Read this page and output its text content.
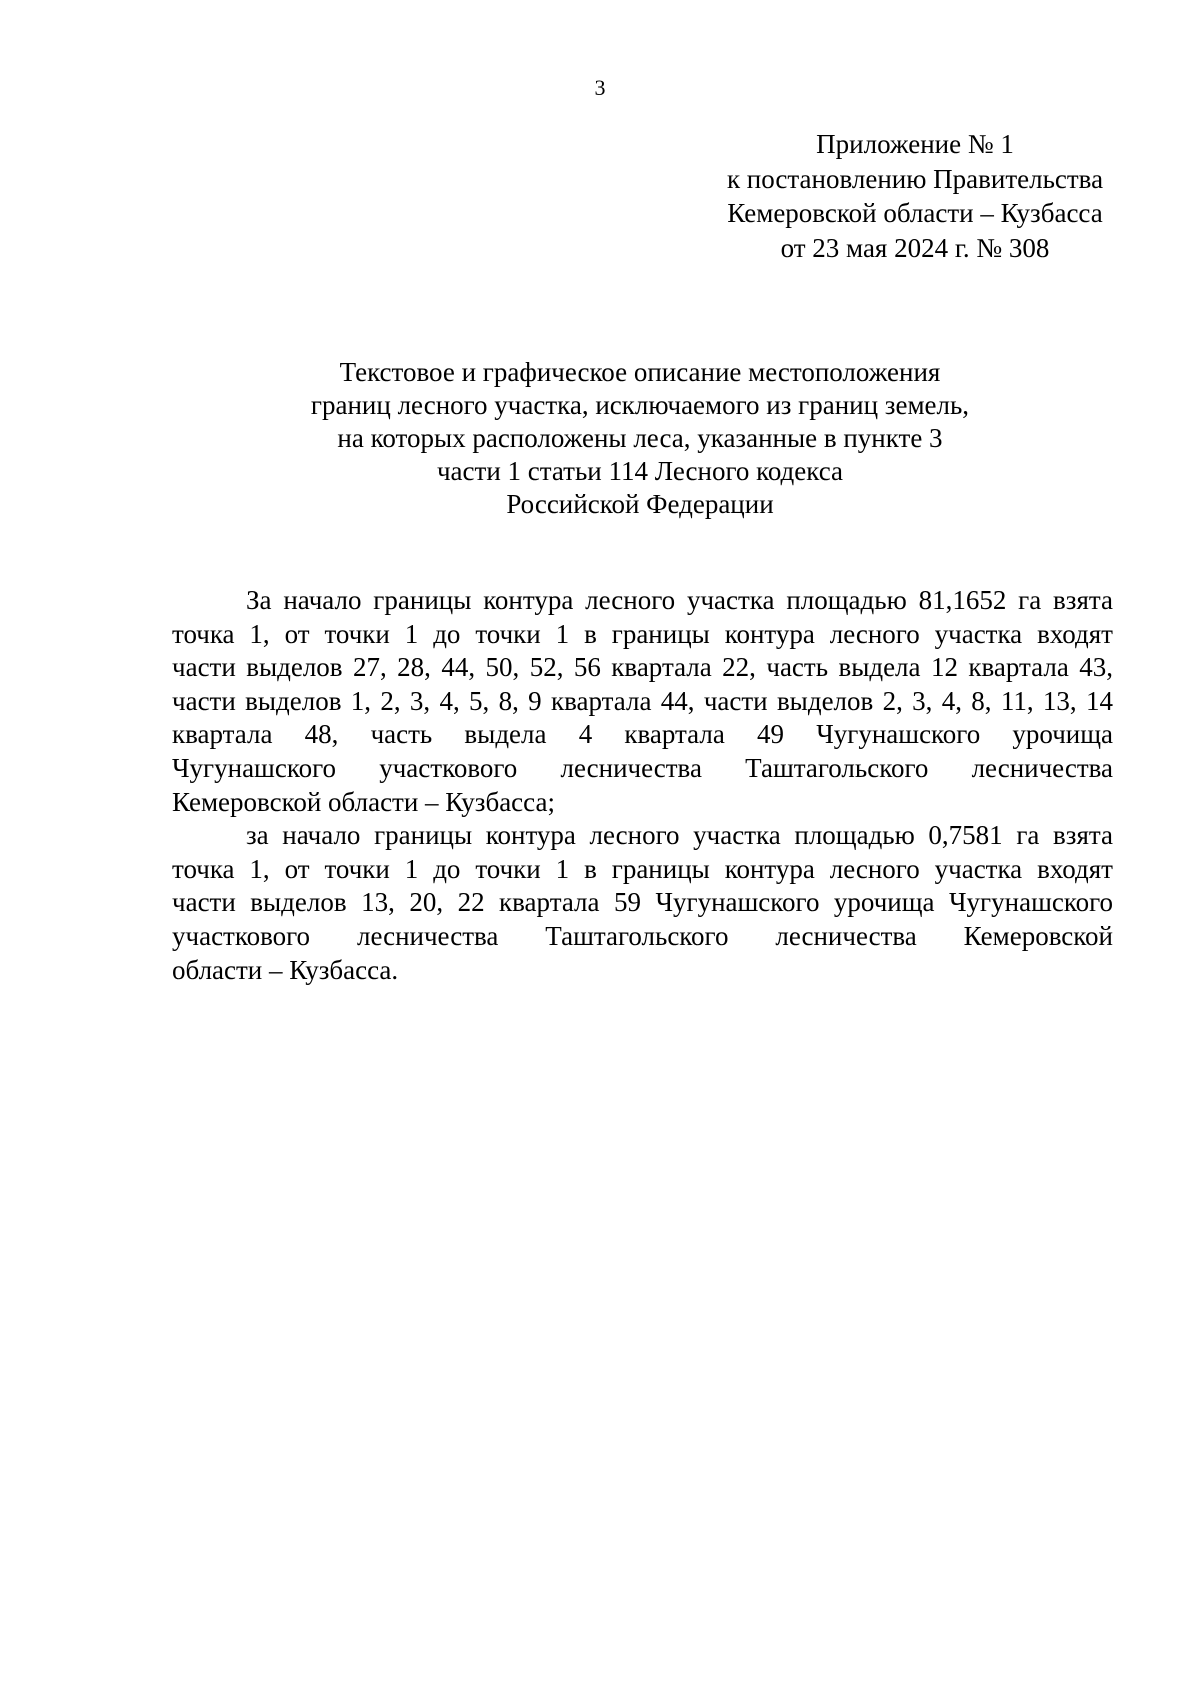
3
Приложение № 1
к постановлению Правительства
Кемеровской области – Кузбасса
от 23 мая 2024 г. № 308
Текстовое и графическое описание местоположения
границ лесного участка, исключаемого из границ земель,
на которых расположены леса, указанные в пункте 3
части 1 статьи 114 Лесного кодекса
Российской Федерации

За начало границы контура лесного участка площадью 81,1652 га взята
точка 1, от точки 1 до точки 1 в границы контура лесного участка входят
части выделов 27, 28, 44, 50, 52, 56 квартала 22, часть выдела 12 квартала 43,
части выделов 1, 2, 3, 4, 5, 8, 9 квартала 44, части выделов 2, 3, 4, 8, 11, 13, 14
квартала 48, часть выдела 4 квартала 49 Чугунашского урочища
Чугунашского участкового лесничества Таштагольского лесничества
Кемеровской области – Кузбасса;

за начало границы контура лесного участка площадью 0,7581 га взята
точка 1, от точки 1 до точки 1 в границы контура лесного участка входят
части выделов 13, 20, 22 квартала 59 Чугунашского урочища Чугунашского
участкового лесничества Таштагольского лесничества Кемеровской
области – Кузбасса.
